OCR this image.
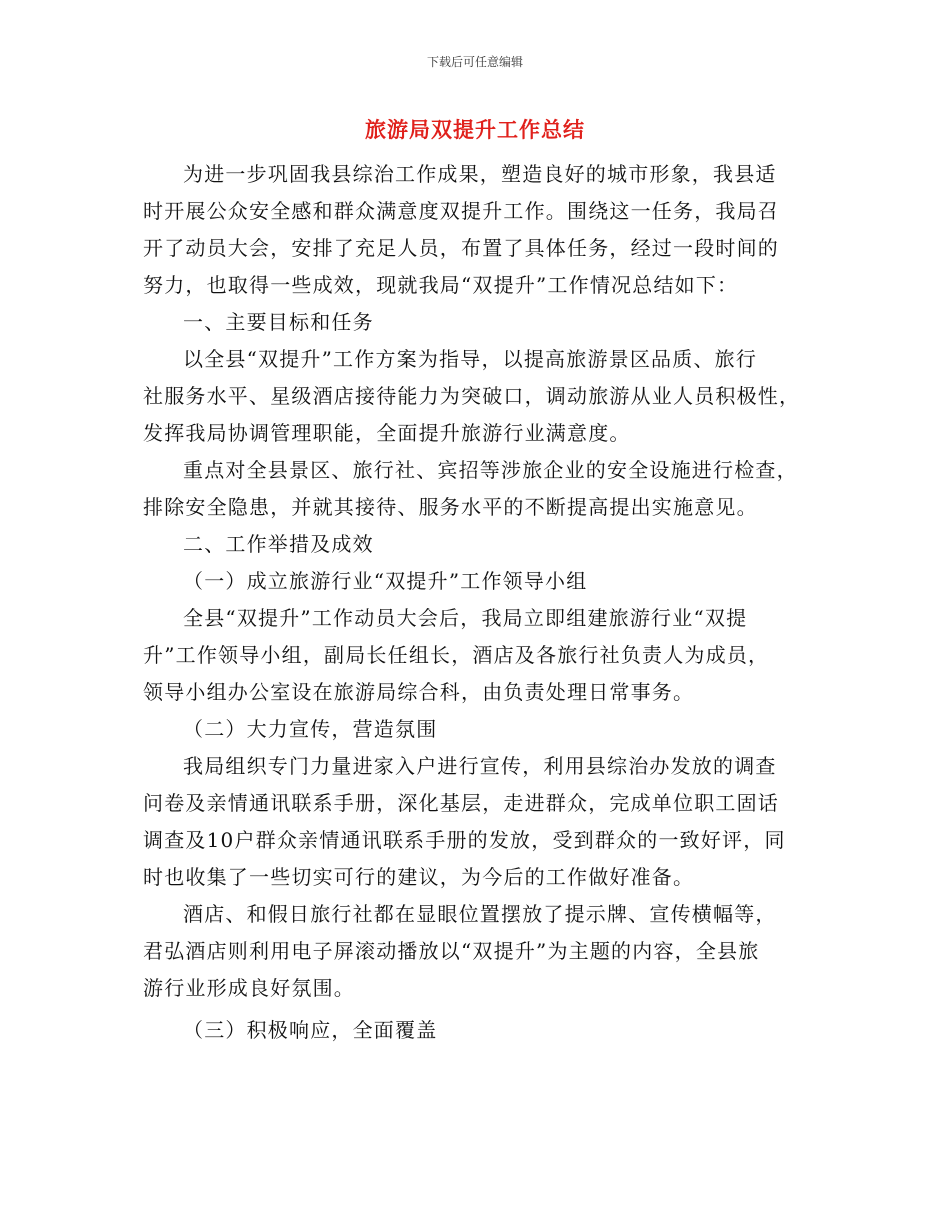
下载后可任意编辑
旅游局双提升工作总结
为进一步巩固我县综治工作成果，塑造良好的城市形象，我县适
时开展公众安全感和群众满意度双提升工作。围绕这一任务，我局召
开了动员大会，安排了充足人员，布置了具体任务，经过一段时间的
努力，也取得一些成效，现就我局“双提升”工作情况总结如下：
一、主要目标和任务
以全县“双提升”工作方案为指导，以提高旅游景区品质、旅行
社服务水平、星级酒店接待能力为突破口，调动旅游从业人员积极性，
发挥我局协调管理职能，全面提升旅游行业满意度。
重点对全县景区、旅行社、宾招等涉旅企业的安全设施进行检查，
排除安全隐患，并就其接待、服务水平的不断提高提出实施意见。
二、工作举措及成效
（一）成立旅游行业“双提升”工作领导小组
全县“双提升”工作动员大会后，我局立即组建旅游行业“双提
升”工作领导小组，副局长任组长，酒店及各旅行社负责人为成员，
领导小组办公室设在旅游局综合科，由负责处理日常事务。
（二）大力宣传，营造氛围
我局组织专门力量进家入户进行宣传，利用县综治办发放的调查
问卷及亲情通讯联系手册，深化基层，走进群众，完成单位职工固话
调查及10户群众亲情通讯联系手册的发放，受到群众的一致好评，同
时也收集了一些切实可行的建议，为今后的工作做好准备。
酒店、和假日旅行社都在显眼位置摆放了提示牌、宣传横幅等，
君弘酒店则利用电子屏滚动播放以“双提升”为主题的内容，全县旅
游行业形成良好氛围。
（三）积极响应，全面覆盖
